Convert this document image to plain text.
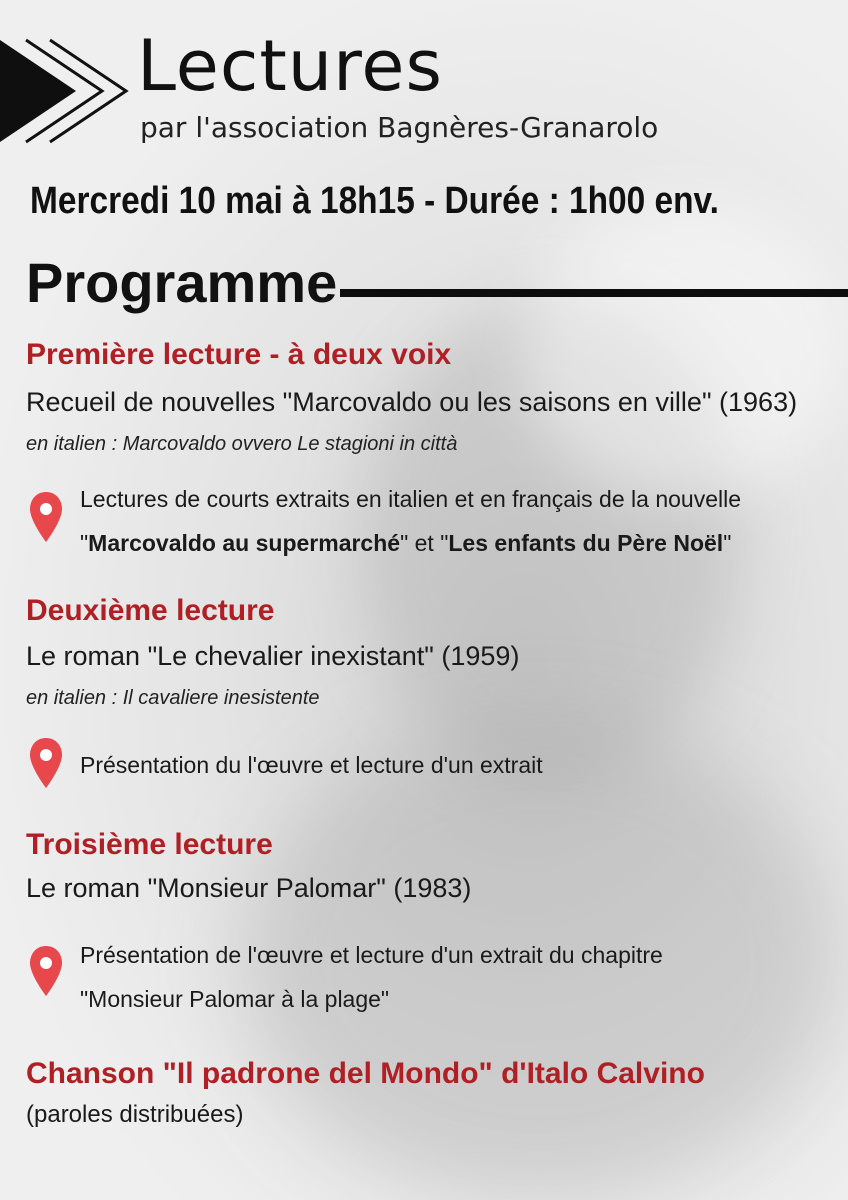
Lectures
par l'association Bagnères-Granarolo
Mercredi 10 mai à 18h15 - Durée : 1h00 env.
Programme
Première lecture - à deux voix
Recueil de nouvelles "Marcovaldo ou les saisons en ville" (1963)
en italien : Marcovaldo ovvero Le stagioni in città
Lectures de courts extraits en italien et en français de la nouvelle
"Marcovaldo au supermarché" et "Les enfants du Père Noël"
Deuxième lecture
Le roman "Le chevalier inexistant" (1959)
en italien : Il cavaliere inesistente
Présentation du l'œuvre et lecture d'un extrait
Troisième lecture
Le roman "Monsieur Palomar" (1983)
Présentation de l'œuvre et lecture d'un extrait du chapitre
"Monsieur Palomar à la plage"
Chanson "Il padrone del Mondo" d'Italo Calvino
(paroles distribuées)
